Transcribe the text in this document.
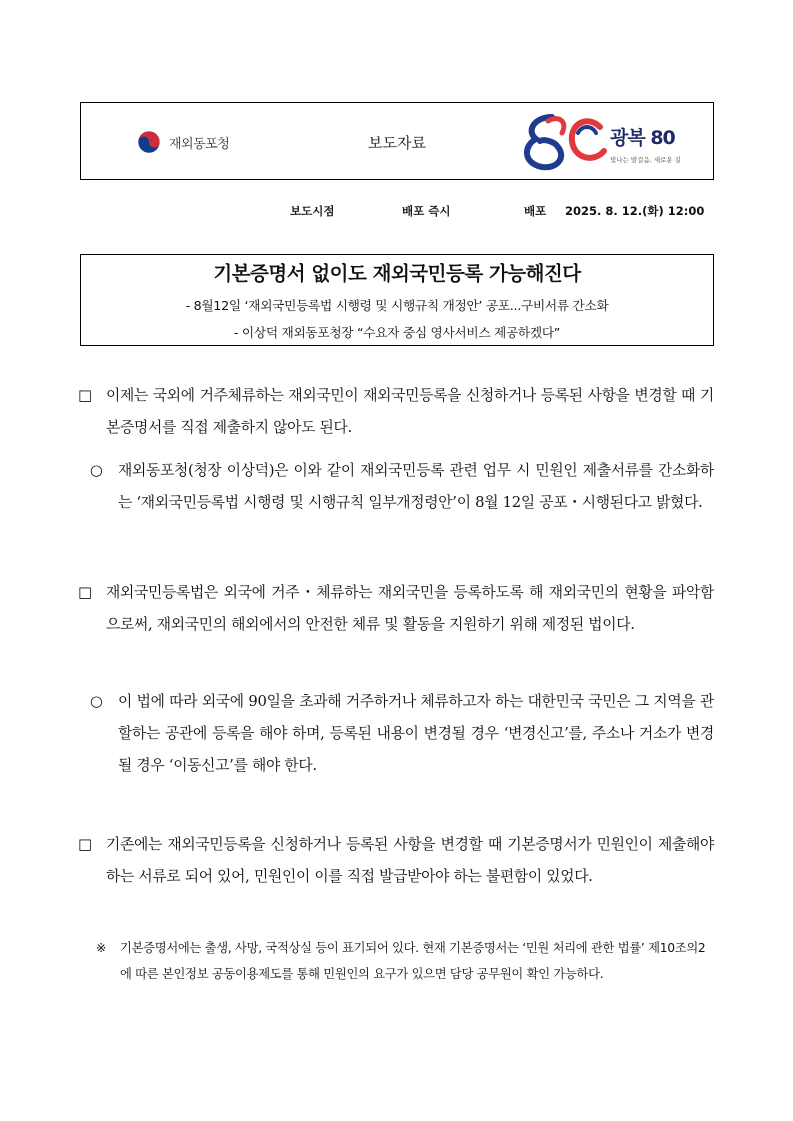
재외동포청	보도자료	광복 80
빛나는 발걸음, 새로운 길
보도시점	배포 즉시	배포 2025. 8. 12.(화) 12:00
기본증명서 없이도 재외국민등록 가능해진다
- 8월12일 ‘재외국민등록법 시행령 및 시행규칙 개정안’ 공포...구비서류 간소화
- 이상덕 재외동포청장 “수요자 중심 영사서비스 제공하겠다”
□ 이제는 국외에 거주체류하는 재외국민이 재외국민등록을 신청하거나 등록된 사항을 변경할 때 기본증명서를 직접 제출하지 않아도 된다.
○ 재외동포청(청장 이상덕)은 이와 같이 재외국민등록 관련 업무 시 민원인 제출서류를 간소화하는 ‘재외국민등록법 시행령 및 시행규칙 일부개정령안’이 8월 12일 공포・시행된다고 밝혔다.
□ 재외국민등록법은 외국에 거주・체류하는 재외국민을 등록하도록 해 재외국민의 현황을 파악함으로써, 재외국민의 해외에서의 안전한 체류 및 활동을 지원하기 위해 제정된 법이다.
○ 이 법에 따라 외국에 90일을 초과해 거주하거나 체류하고자 하는 대한민국 국민은 그 지역을 관할하는 공관에 등록을 해야 하며, 등록된 내용이 변경될 경우 ‘변경신고’를, 주소나 거소가 변경될 경우 ‘이동신고’를 해야 한다.
□ 기존에는 재외국민등록을 신청하거나 등록된 사항을 변경할 때 기본증명서가 민원인이 제출해야 하는 서류로 되어 있어, 민원인이 이를 직접 발급받아야 하는 불편함이 있었다.
※ 기본증명서에는 출생, 사망, 국적상실 등이 표기되어 있다. 현재 기본증명서는 ‘민원 처리에 관한 법률’ 제10조의2에 따른 본인정보 공동이용제도를 통해 민원인의 요구가 있으면 담당 공무원이 확인 가능하다.
